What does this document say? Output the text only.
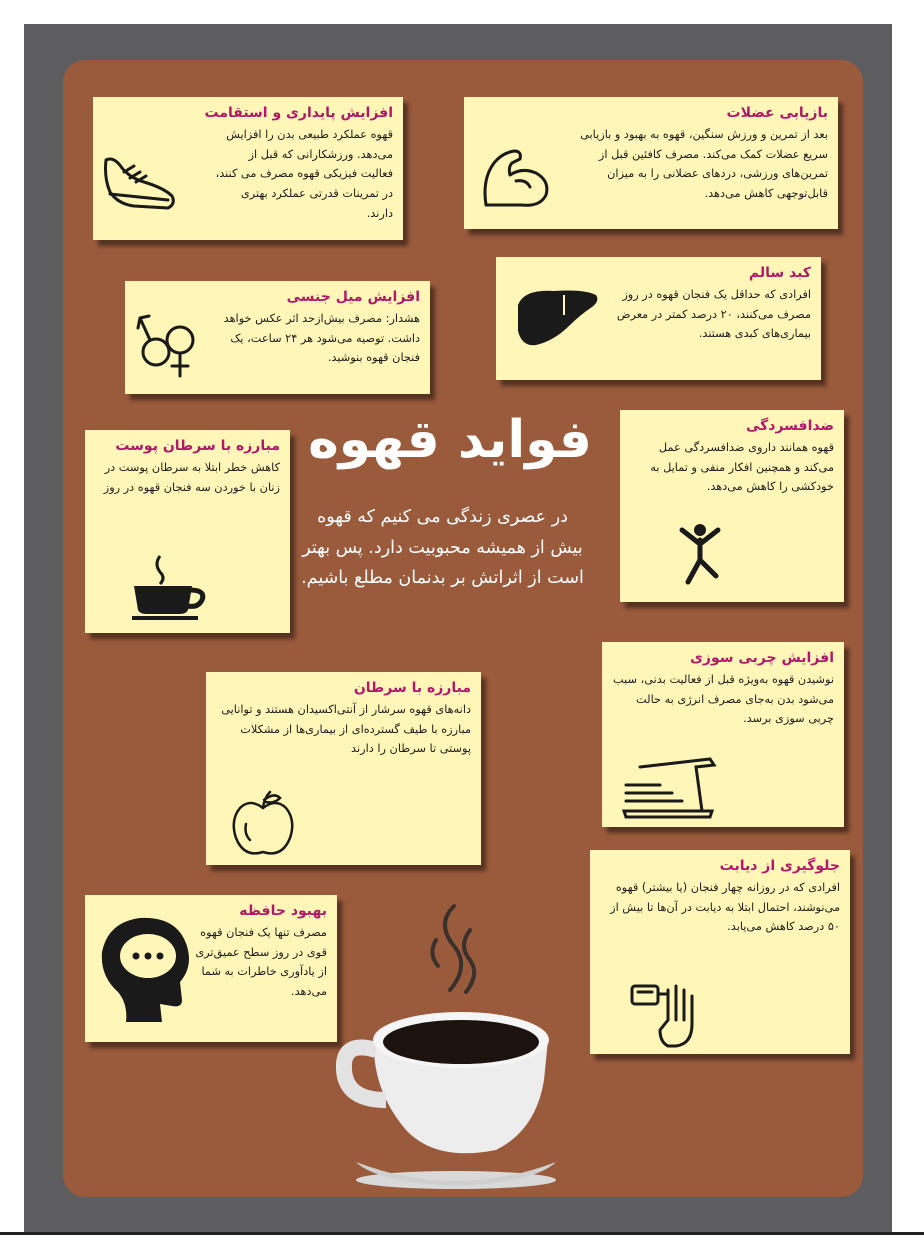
افزایش پایداری و استقامت

قهوه عملکرد طبیعی بدن را افزایش می‌دهد. ورزشکارانی که قبل از فعالیت فیزیکی قهوه مصرف می کنند، در تمرینات قدرتی عملکرد بهتری دارند.

بازیابی عضلات

بعد از تمرین و ورزش سنگین، قهوه به بهبود و بازیابی سریع عضلات کمک می‌کند. مصرف کافئین قبل از تمرین‌های ورزشی، دردهای عضلانی را به میزان قابل‌توجهی کاهش می‌دهد.

افزایش میل جنسی

هشدار: مصرف بیش‌از‌حد اثر عکس خواهد داشت. توصیه می‌شود هر ۲۴ ساعت، یک فنجان قهوه بنوشید.

کبد سالم

افرادی که حداقل یک فنجان قهوه در روز مصرف می‌کنند، ۲۰ درصد کمتر در معرض بیماری‌های کبدی هستند.

مبارزه با سرطان پوست

کاهش خطر ابتلا به سرطان پوست در زنان با خوردن سه فنجان قهوه در روز

فواید قهوه

در عصری زندگی می کنیم که قهوه بیش از همیشه محبوبیت دارد. پس بهتر است از اثراتش بر بدنمان مطلع باشیم.

ضدافسردگی

قهوه همانند داروی ضدافسردگی عمل می‌کند و همچنین افکار منفی و تمایل به خودکشی را کاهش می‌دهد.

افزایش چربی سوزی

نوشیدن قهوه به‌ویژه قبل از فعالیت بدنی، سبب می‌شود بدن به‌جای مصرف انرژی به حالت چربی سوزی برسد.

مبارزه با سرطان

دانه‌های قهوه سرشار از آنتی‌اکسیدان هستند و توانایی مبارزه با طیف گسترده‌ای از بیماری‌ها از مشکلات پوستی تا سرطان را دارند

بهبود حافظه

مصرف تنها یک فنجان قهوه قوی در روز سطح عمیق‌تری از یادآوری خاطرات به شما می‌دهد.

جلوگیری از دیابت

افرادی که در روزانه چهار فنجان (یا بیشتر) قهوه می‌نوشند، احتمال ابتلا به دیابت در آن‌ها تا بیش از ۵۰ درصد کاهش می‌یابد.
